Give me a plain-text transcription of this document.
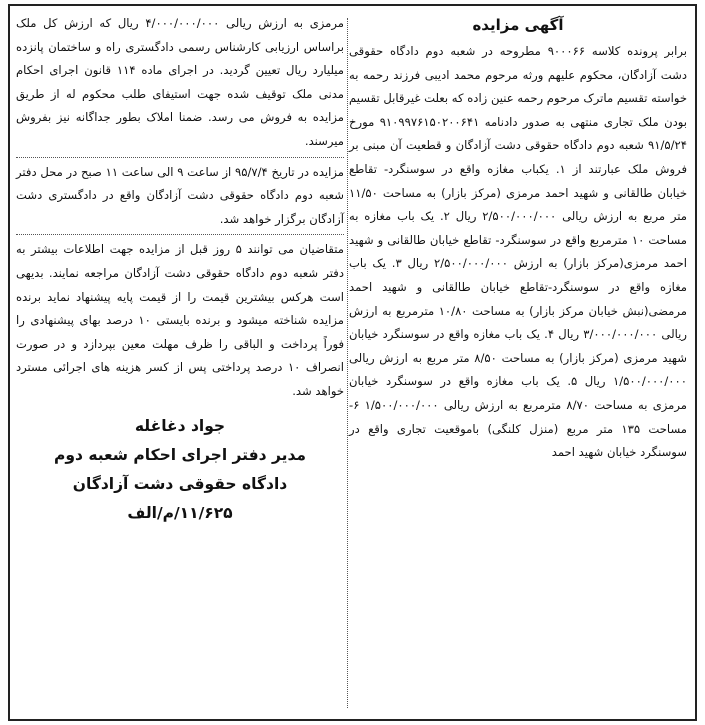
آگهی مزایده

برابر پرونده کلاسه ۹۰۰۰۶۶ مطروحه در شعبه دوم دادگاه حقوقی دشت آزادگان، محکوم علیهم ورثه مرحوم محمد ادیبی فرزند رحمه به خواسته تقسیم ماترک مرحوم رحمه عنین زاده که بعلت غیرقابل تقسیم بودن ملک تجاری منتهی به صدور دادنامه ۹۱۰۹۹۷۶۱۵۰۲۰۰۶۴۱ مورخ ۹۱/۵/۲۴ شعبه دوم دادگاه حقوقی دشت آزادگان و قطعیت آن مبنی بر فروش ملک عبارتند از ۱. یکباب مغازه واقع در سوسنگرد- تقاطع خیابان طالقانی و شهید احمد مرمزی (مرکز بازار) به مساحت ۱۱/۵۰ متر مربع به ارزش ریالی ۲/۵۰۰/۰۰۰/۰۰۰ ریال ۲. یک باب مغازه به مساحت ۱۰ مترمربع واقع در سوسنگرد- تقاطع خیابان طالقانی و شهید احمد مرمزی(مرکز بازار) به ارزش ۲/۵۰۰/۰۰۰/۰۰۰ ریال ۳. یک باب مغازه واقع در سوسنگرد-تقاطع خیابان طالقانی و شهید احمد مرمضی(نبش خیابان مرکز بازار) به مساحت ۱۰/۸۰ مترمربع به ارزش ریالی ۳/۰۰۰/۰۰۰/۰۰۰ ریال ۴. یک باب مغازه واقع در سوسنگرد خیابان شهید مرمزی (مرکز بازار) به مساحت ۸/۵۰ متر مربع به ارزش ریالی ۱/۵۰۰/۰۰۰/۰۰۰ ریال ۵. یک باب مغازه واقع در سوسنگرد خیابان مرمزی به مساحت ۸/۷۰ مترمربع به ارزش ریالی ۱/۵۰۰/۰۰۰/۰۰۰ ۶- مساحت ۱۳۵ متر مربع (منزل کلنگی) باموقعیت تجاری واقع در سوسنگرد خیابان شهید احمد

مرمزی به ارزش ریالی ۴/۰۰۰/۰۰۰/۰۰۰ ریال که ارزش کل ملک براساس ارزیابی کارشناس رسمی دادگستری راه و ساختمان پانزده میلیارد ریال تعیین گردید. در اجرای ماده ۱۱۴ قانون اجرای احکام مدنی ملک توقیف شده جهت استیفای طلب محکوم له از طریق مزایده به فروش می رسد. ضمنا املاک بطور جداگانه نیز بفروش میرسند.

مزایده در تاریخ ۹۵/۷/۴ از ساعت ۹ الی ساعت ۱۱ صبح در محل دفتر شعبه دوم دادگاه حقوقی دشت آزادگان واقع در دادگستری دشت آزادگان برگزار خواهد شد.

متقاضیان می توانند ۵ روز قبل از مزایده جهت اطلاعات بیشتر به دفتر شعبه دوم دادگاه حقوقی دشت آزادگان مراجعه نمایند. بدیهی است هرکس بیشترین قیمت را از قیمت پایه پیشنهاد نماید برنده مزایده شناخته میشود و برنده بایستی ۱۰ درصد بهای پیشنهادی را فوراً پرداخت و الباقی را ظرف مهلت معین بپردازد و در صورت انصراف ۱۰ درصد پرداختی پس از کسر هزینه های اجرائی مسترد خواهد شد.

جواد دغاغله
مدیر دفتر اجرای احکام شعبه دوم
دادگاه حقوقی دشت آزادگان
۱۱/۶۲۵/م/الف
